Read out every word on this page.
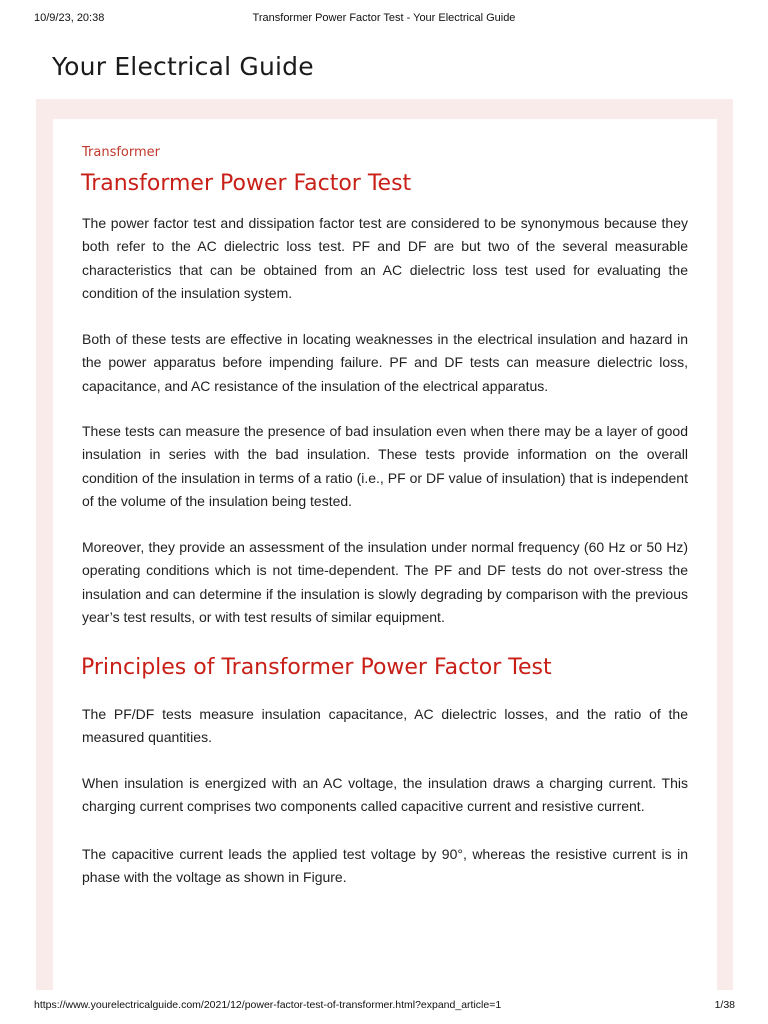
10/9/23, 20:38	Transformer Power Factor Test - Your Electrical Guide
Your Electrical Guide
Transformer
Transformer Power Factor Test

The power factor test and dissipation factor test are considered to be synonymous because they both refer to the AC dielectric loss test. PF and DF are but two of the several measurable characteristics that can be obtained from an AC dielectric loss test used for evaluating the condition of the insulation system.

Both of these tests are effective in locating weaknesses in the electrical insulation and hazard in the power apparatus before impending failure. PF and DF tests can measure dielectric loss, capacitance, and AC resistance of the insulation of the electrical apparatus.

These tests can measure the presence of bad insulation even when there may be a layer of good insulation in series with the bad insulation. These tests provide information on the overall condition of the insulation in terms of a ratio (i.e., PF or DF value of insulation) that is independent of the volume of the insulation being tested.

Moreover, they provide an assessment of the insulation under normal frequency (60 Hz or 50 Hz) operating conditions which is not time-dependent. The PF and DF tests do not over-stress the insulation and can determine if the insulation is slowly degrading by comparison with the previous year’s test results, or with test results of similar equipment.

Principles of Transformer Power Factor Test

The PF/DF tests measure insulation capacitance, AC dielectric losses, and the ratio of the measured quantities.

When insulation is energized with an AC voltage, the insulation draws a charging current. This charging current comprises two components called capacitive current and resistive current.

The capacitive current leads the applied test voltage by 90°, whereas the resistive current is in phase with the voltage as shown in Figure.

https://www.yourelectricalguide.com/2021/12/power-factor-test-of-transformer.html?expand_article=1	1/38
